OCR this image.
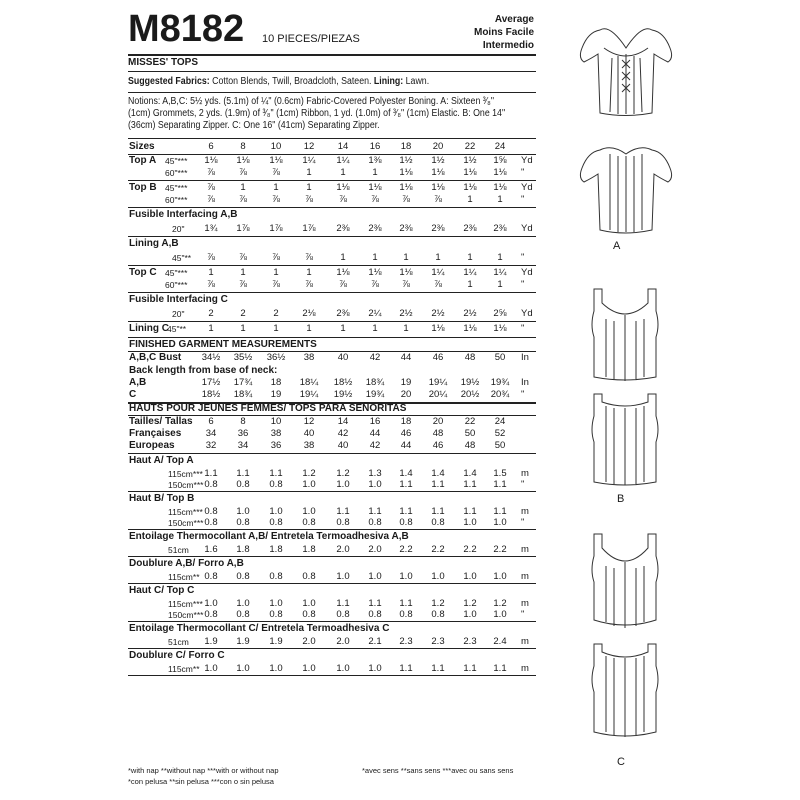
M8182 10 PIECES/PIEZAS
Average
Moins Facile
Intermedio
MISSES' TOPS
Suggested Fabrics: Cotton Blends, Twill, Broadcloth, Sateen. Lining: Lawn.
Notions: A,B,C: 5½ yds. (5.1m) of ¼" (0.6cm) Fabric-Covered Polyester Boning. A: Sixteen ³⁄₈"
(1cm) Grommets, 2 yds. (1.9m) of ³⁄₈" (1cm) Ribbon, 1 yd. (1.0m) of ³⁄₈" (1cm) Elastic. B: One 14"
(36cm) Separating Zipper. C: One 16" (41cm) Separating Zipper.
Sizes	6	8	10	12	14	16	18	20	22	24
Top A 45"***	1⅛	1⅛	1⅛	1¼	1¼	1⅜	1½	1½	1½	1⅝	Yd
60"***	⅞	⅞	⅞	1	1	1	1⅛	1⅛	1⅛	1⅛	"
Top B 45"***	⅞	1	1	1	1⅛	1⅛	1⅛	1⅛	1⅛	1⅛	Yd
60"***	⅞	⅞	⅞	⅞	⅞	⅞	⅞	⅞	1	1	"
Fusible Interfacing A,B
20"	1¾	1⅞	1⅞	1⅞	2⅜	2⅜	2⅜	2⅜	2⅜	2⅜	Yd
Lining A,B
45"**	⅞	⅞	⅞	⅞	1	1	1	1	1	1	"
Top C 45"***	1	1	1	1	1⅛	1⅛	1⅛	1¼	1¼	1¼	Yd
60"***	⅞	⅞	⅞	⅞	⅞	⅞	⅞	⅞	1	1	"
Fusible Interfacing C
20"	2	2	2	2⅛	2⅜	2¼	2½	2½	2½	2⅝	Yd
Lining C
45"**	1	1	1	1	1	1	1	1⅛	1⅛	1⅛	"
FINISHED GARMENT MEASUREMENTS
A,B,C Bust	34½	35½	36½	38	40	42	44	46	48	50	In
Back length from base of neck:
A,B	17½	17¾	18	18¼	18½	18¾	19	19¼	19½	19¾	In
C	18½	18¾	19	19¼	19½	19¾	20	20¼	20½	20¾	"
HAUTS POUR JEUNES FEMMES/ TOPS PARA SEÑORITAS
Tailles/ Tallas	6	8	10	12	14	16	18	20	22	24
Françaises	34	36	38	40	42	44	46	48	50	52
Europeas	32	34	36	38	40	42	44	46	48	50
Haut A/ Top A
115cm*** 1.1	1.1	1.1	1.2	1.2	1.3	1.4	1.4	1.4	1.5	m
150cm*** 0.8	0.8	0.8	1.0	1.0	1.0	1.1	1.1	1.1	1.1	"
Haut B/ Top B
115cm*** 0.8	1.0	1.0	1.0	1.1	1.1	1.1	1.1	1.1	1.1	m
150cm*** 0.8	0.8	0.8	0.8	0.8	0.8	0.8	0.8	1.0	1.0	"
Entoilage Thermocollant A,B/ Entretela Termoadhesiva A,B
51cm	1.6	1.8	1.8	1.8	2.0	2.0	2.2	2.2	2.2	2.2	m
Doublure A,B/ Forro A,B
115cm** 0.8	0.8	0.8	0.8	1.0	1.0	1.0	1.0	1.0	1.0	m
Haut C/ Top C
115cm*** 1.0	1.0	1.0	1.0	1.1	1.1	1.1	1.2	1.2	1.2	m
150cm*** 0.8	0.8	0.8	0.8	0.8	0.8	0.8	0.8	1.0	1.0	"
Entoilage Thermocollant C/ Entretela Termoadhesiva C
51cm	1.9	1.9	1.9	2.0	2.0	2.1	2.3	2.3	2.3	2.4	m
Doublure C/ Forro C
115cm** 1.0	1.0	1.0	1.0	1.0	1.0	1.1	1.1	1.1	1.1	m
*with nap **without nap ***with or without nap
*con pelusa **sin pelusa ***con o sin pelusa
*avec sens **sans sens ***avec ou sans sens
A
B
C
